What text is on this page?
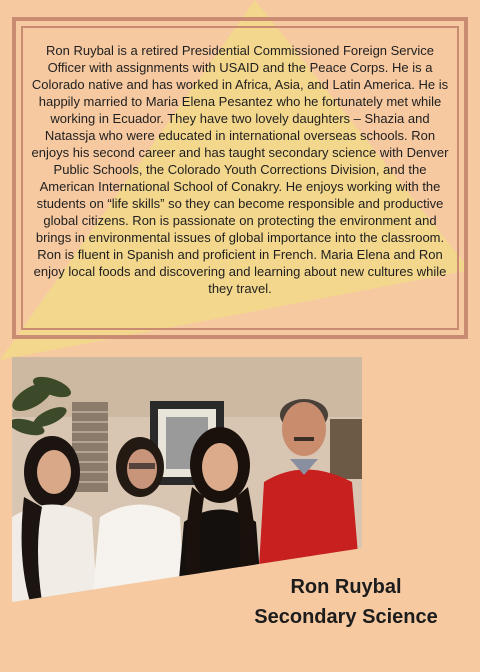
Ron Ruybal is a retired Presidential Commissioned Foreign Service Officer with assignments with USAID and the Peace Corps. He is a Colorado native and has worked in Africa, Asia, and Latin America. He is happily married to Maria Elena Pesantez who he fortunately met while working in Ecuador. They have two lovely daughters – Shazia and Natassja who were educated in international overseas schools. Ron enjoys his second career and has taught secondary science with Denver Public Schools, the Colorado Youth Corrections Division, and the American International School of Conakry. He enjoys working with the students on “life skills” so they can become responsible and productive global citizens. Ron is passionate on protecting the environment and brings in environmental issues of global importance into the classroom. Ron is fluent in Spanish and proficient in French. Maria Elena and Ron enjoy local foods and discovering and learning about new cultures while they travel.

Ron Ruybal
Secondary Science
